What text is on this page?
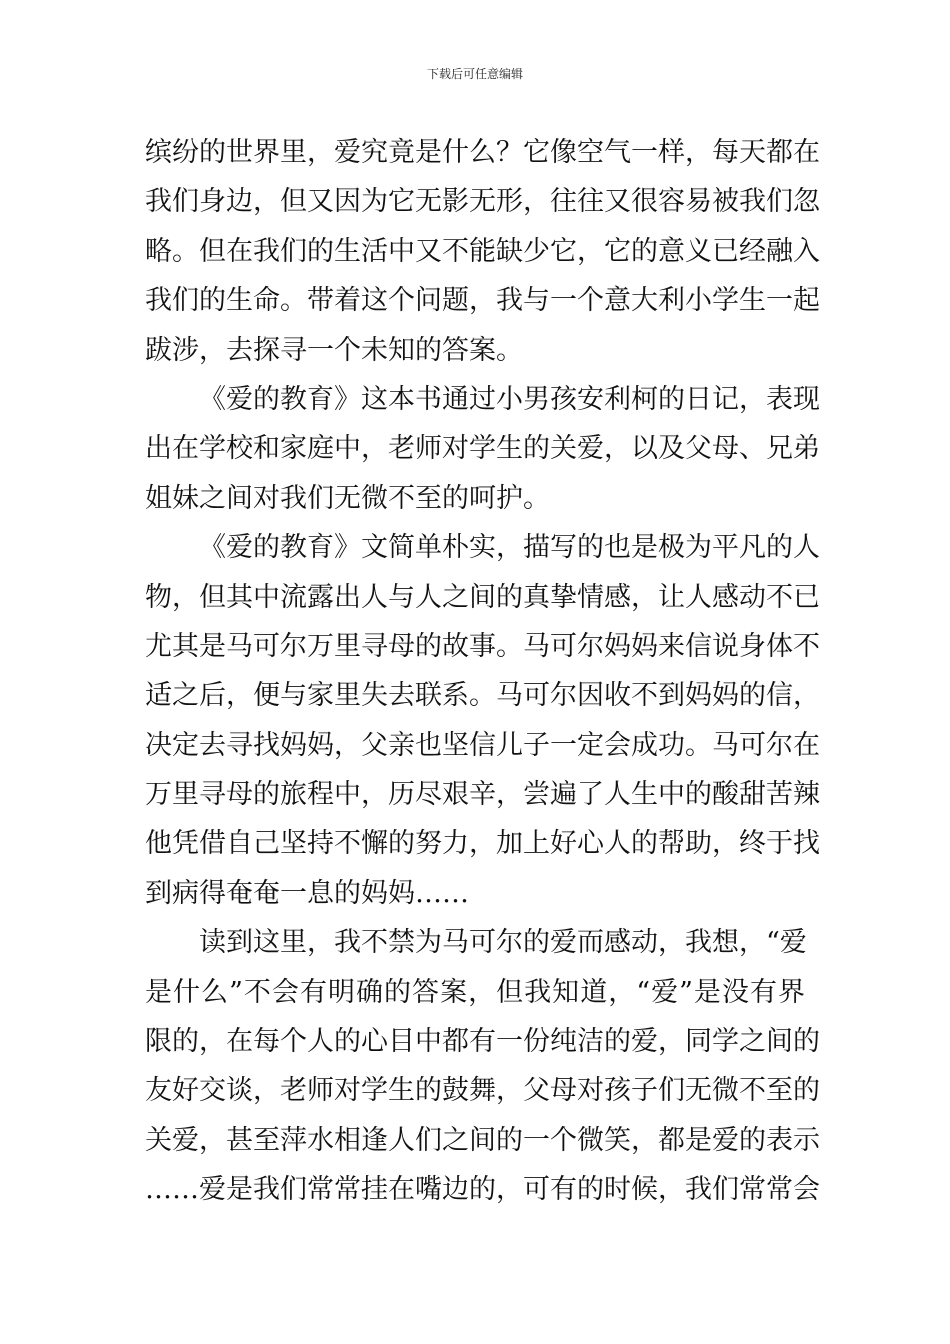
下载后可任意编辑
缤纷的世界里，爱究竟是什么？它像空气一样，每天都在
我们身边，但又因为它无影无形，往往又很容易被我们忽
略。但在我们的生活中又不能缺少它，它的意义已经融入
我们的生命。带着这个问题，我与一个意大利小学生一起
跋涉，去探寻一个未知的答案。
《爱的教育》这本书通过小男孩安利柯的日记，表现
出在学校和家庭中，老师对学生的关爱，以及父母、兄弟
姐妹之间对我们无微不至的呵护。
《爱的教育》文简单朴实，描写的也是极为平凡的人
物，但其中流露出人与人之间的真挚情感，让人感动不已
尤其是马可尔万里寻母的故事。马可尔妈妈来信说身体不
适之后，便与家里失去联系。马可尔因收不到妈妈的信，
决定去寻找妈妈，父亲也坚信儿子一定会成功。马可尔在
万里寻母的旅程中，历尽艰辛，尝遍了人生中的酸甜苦辣
他凭借自己坚持不懈的努力，加上好心人的帮助，终于找
到病得奄奄一息的妈妈……
读到这里，我不禁为马可尔的爱而感动，我想，“爱
是什么”不会有明确的答案，但我知道，“爱”是没有界
限的，在每个人的心目中都有一份纯洁的爱，同学之间的
友好交谈，老师对学生的鼓舞，父母对孩子们无微不至的
关爱，甚至萍水相逢人们之间的一个微笑，都是爱的表示
……爱是我们常常挂在嘴边的，可有的时候，我们常常会
